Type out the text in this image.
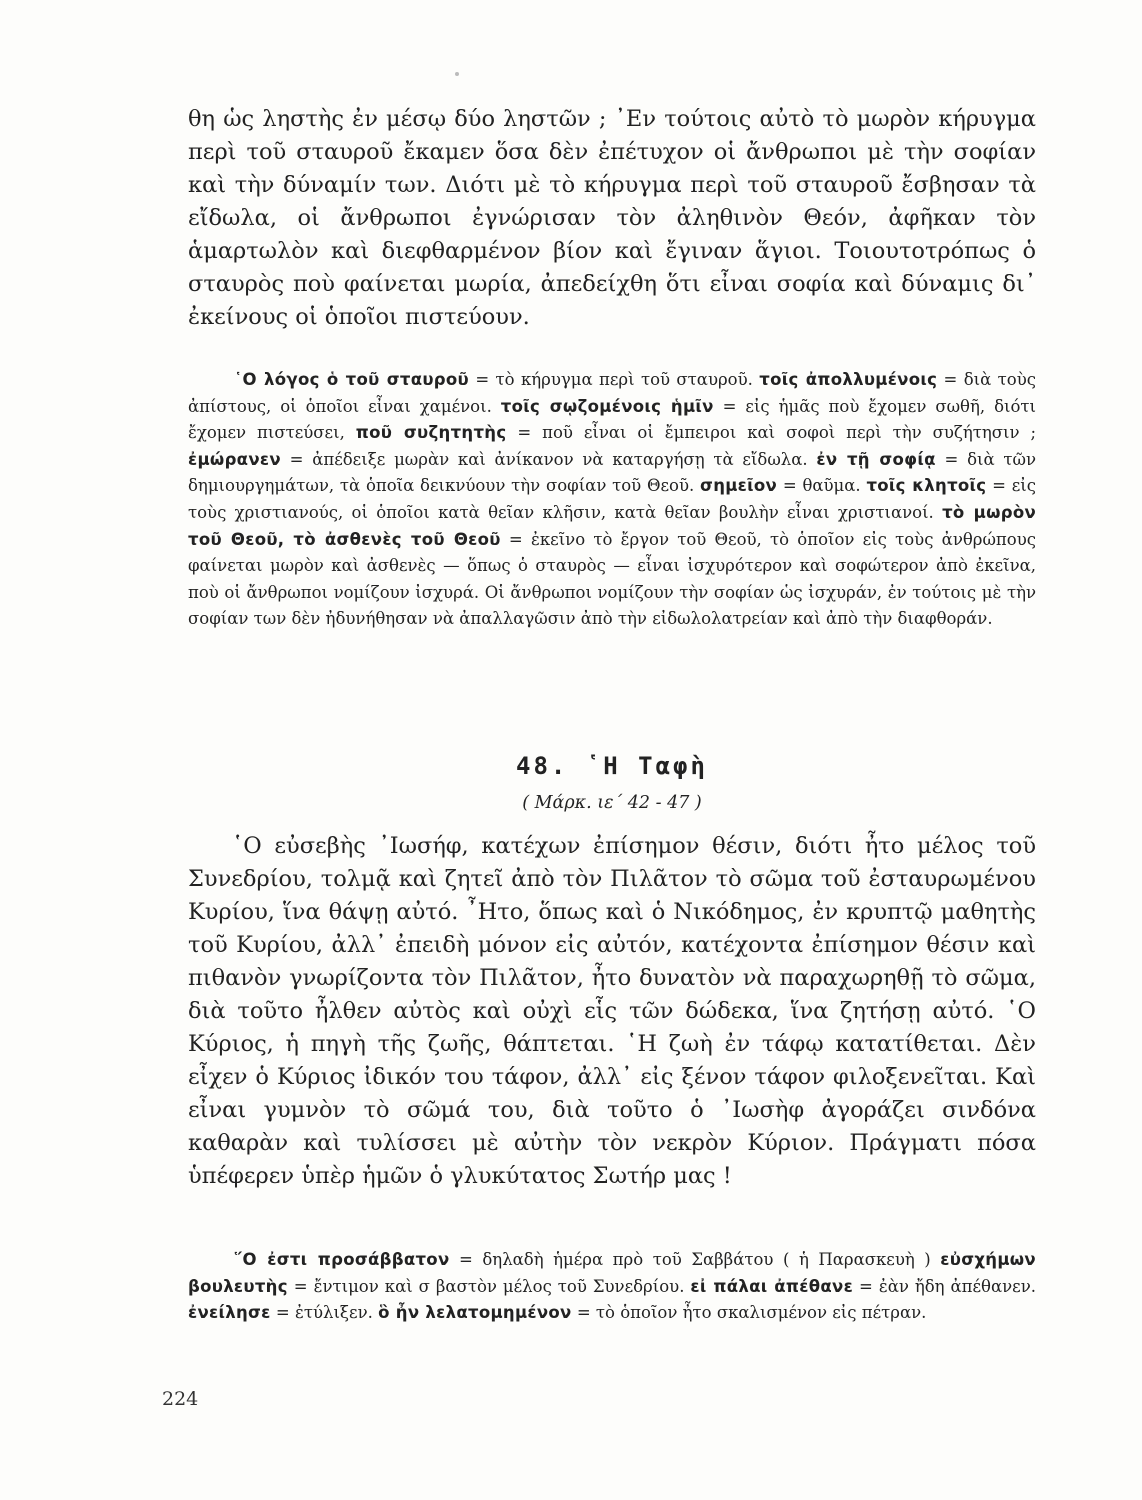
θη ὡς ληστὴς ἐν μέσῳ δύο ληστῶν ; ᾿Εν τούτοις αὐτὸ τὸ μωρὸν κήρυγμα περὶ τοῦ σταυροῦ ἔκαμεν ὅσα δὲν ἐπέτυχον οἱ ἄνθρωποι μὲ τὴν σοφίαν καὶ τὴν δύναμίν των. Διότι μὲ τὸ κήρυγμα περὶ τοῦ σταυροῦ ἔσβησαν τὰ εἴδωλα, οἱ ἄνθρωποι ἐγνώρισαν τὸν ἀληθινὸν Θεόν, ἀφῆκαν τὸν ἁμαρτωλὸν καὶ διεφθαρμένον βίον καὶ ἔγιναν ἅγιοι. Τοιουτοτρόπως ὁ σταυρὸς ποὺ φαίνεται μωρία, ἀπεδείχθη ὅτι εἶναι σοφία καὶ δύναμις δι᾿ ἐκείνους οἱ ὁποῖοι πιστεύουν.

῾Ο λόγος ὁ τοῦ σταυροῦ = τὸ κήρυγμα περὶ τοῦ σταυροῦ. τοῖς ἀπολλυμένοις = διὰ τοὺς ἀπίστους, οἱ ὁποῖοι εἶναι χαμένοι. τοῖς σῳζομένοις ἡμῖν = εἰς ἡμᾶς ποὺ ἔχομεν σωθῆ, διότι ἔχομεν πιστεύσει, ποῦ συζητητὴς = ποῦ εἶναι οἱ ἔμπειροι καὶ σοφοὶ περὶ τὴν συζήτησιν ; ἐμώρανεν = ἀπέδειξε μωρὰν καὶ ἀνίκανον νὰ καταργήσῃ τὰ εἴδωλα. ἐν τῇ σοφίᾳ = διὰ τῶν δημιουργημάτων, τὰ ὁποῖα δεικνύουν τὴν σοφίαν τοῦ Θεοῦ. σημεῖον = θαῦμα. τοῖς κλητοῖς = εἰς τοὺς χριστιανούς, οἱ ὁποῖοι κατὰ θεῖαν κλῆσιν, κατὰ θεῖαν βουλὴν εἶναι χριστιανοί. τὸ μωρὸν τοῦ Θεοῦ, τὸ ἀσθενὲς τοῦ Θεοῦ = ἐκεῖνο τὸ ἔργον τοῦ Θεοῦ, τὸ ὁποῖον εἰς τοὺς ἀνθρώπους φαίνεται μωρὸν καὶ ἀσθενὲς — ὅπως ὁ σταυρὸς — εἶναι ἰσχυρότερον καὶ σοφώτερον ἀπὸ ἐκεῖνα, ποὺ οἱ ἄνθρωποι νομίζουν ἰσχυρά. Οἱ ἄνθρωποι νομίζουν τὴν σοφίαν ὡς ἰσχυράν, ἐν τούτοις μὲ τὴν σοφίαν των δὲν ἠδυνήθησαν νὰ ἀπαλλαγῶσιν ἀπὸ τὴν εἰδωλολατρείαν καὶ ἀπὸ τὴν διαφθοράν.

48. ῾Η Ταφὴ
( Μάρκ. ιε΄ 42 - 47 )

῾Ο εὐσεβὴς ᾿Ιωσήφ, κατέχων ἐπίσημον θέσιν, διότι ἦτο μέλος τοῦ Συνεδρίου, τολμᾷ καὶ ζητεῖ ἀπὸ τὸν Πιλᾶτον τὸ σῶμα τοῦ ἐσταυρωμένου Κυρίου, ἵνα θάψῃ αὐτό. ῏Ητο, ὅπως καὶ ὁ Νικόδημος, ἐν κρυπτῷ μαθητὴς τοῦ Κυρίου, ἀλλ᾿ ἐπειδὴ μόνον εἰς αὐτόν, κατέχοντα ἐπίσημον θέσιν καὶ πιθανὸν γνωρίζοντα τὸν Πιλᾶτον, ἦτο δυνατὸν νὰ παραχωρηθῇ τὸ σῶμα, διὰ τοῦτο ἦλθεν αὐτὸς καὶ οὐχὶ εἷς τῶν δώδεκα, ἵνα ζητήσῃ αὐτό. ῾Ο Κύριος, ἡ πηγὴ τῆς ζωῆς, θάπτεται. ῾Η ζωὴ ἐν τάφῳ κατατίθεται. Δὲν εἶχεν ὁ Κύριος ἰδικόν του τάφον, ἀλλ᾿ εἰς ξένον τάφον φιλοξενεῖται. Καὶ εἶναι γυμνὸν τὸ σῶμά του, διὰ τοῦτο ὁ ᾿Ιωσὴφ ἀγοράζει σινδόνα καθαρὰν καὶ τυλίσσει μὲ αὐτὴν τὸν νεκρὸν Κύριον. Πράγματι πόσα ὑπέφερεν ὑπὲρ ἡμῶν ὁ γλυκύτατος Σωτήρ μας !

῞Ο ἐστι προσάββατον = δηλαδὴ ἡμέρα πρὸ τοῦ Σαββάτου ( ἡ Παρασκευὴ ) εὐσχήμων βουλευτὴς = ἔντιμον καὶ σ βαστὸν μέλος τοῦ Συνεδρίου. εἰ πάλαι ἀπέθανε = ἐὰν ἤδη ἀπέθανεν. ἐνείλησε = ἐτύλιξεν. ὃ ἦν λελατομημένον = τὸ ὁποῖον ἦτο σκαλισμένον εἰς πέτραν.

224
